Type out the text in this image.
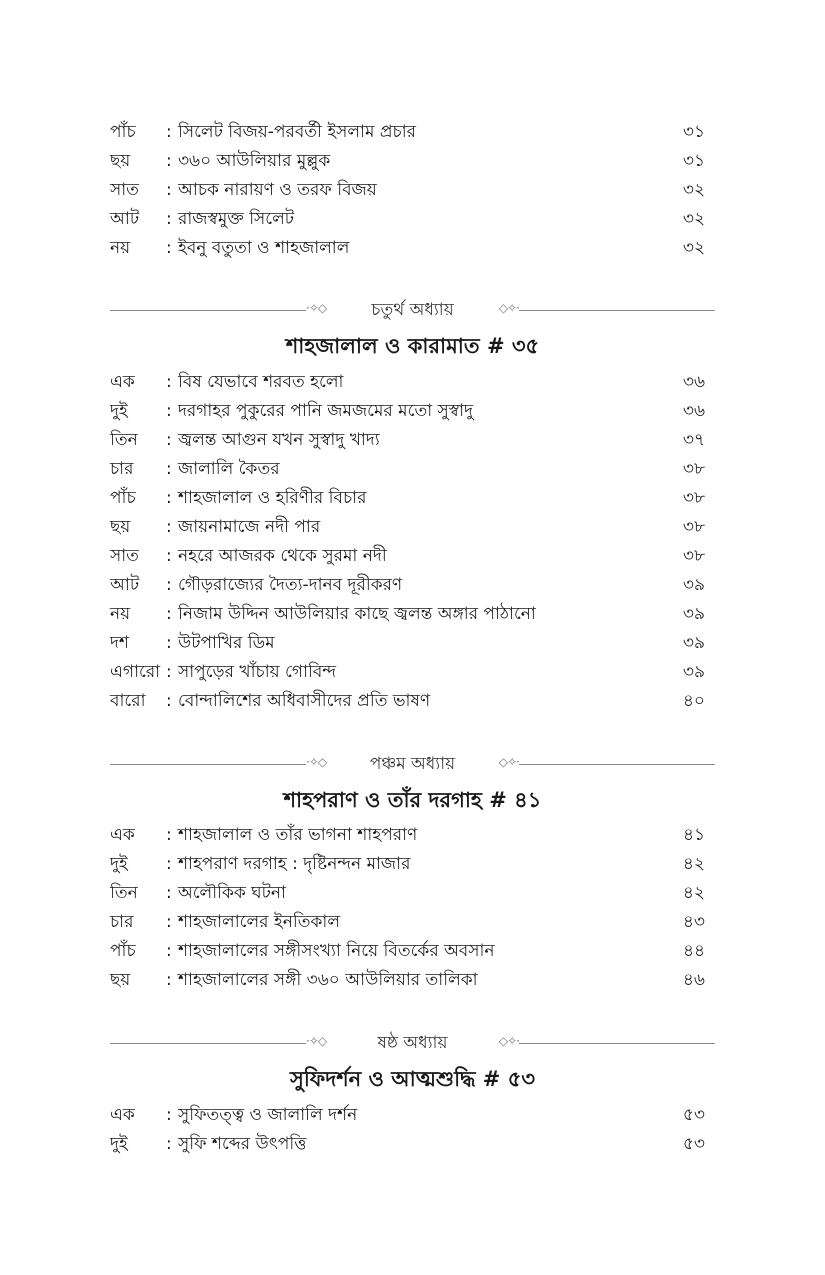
পাঁচ : সিলেট বিজয়-পরবর্তী ইসলাম প্রচার	৩১
ছয় : ৩৬০ আউলিয়ার মুল্লুক	৩১
সাত : আচক নারায়ণ ও তরফ বিজয়	৩২
আট : রাজস্বমুক্ত সিলেট	৩২
নয় : ইবনু বতুতা ও শাহজালাল	৩২
·✧◇	চতুর্থ অধ্যায়	◇✧·
শাহজালাল ও কারামাত # ৩৫
এক : বিষ যেভাবে শরবত হলো	৩৬
দুই : দরগাহর পুকুরের পানি জমজমের মতো সুস্বাদু	৩৬
তিন : জ্বলন্ত আগুন যখন সুস্বাদু খাদ্য	৩৭
চার : জালালি কৈতর	৩৮
পাঁচ : শাহজালাল ও হরিণীর বিচার	৩৮
ছয় : জায়নামাজে নদী পার	৩৮
সাত : নহরে আজরক থেকে সুরমা নদী	৩৮
আট : গৌড়রাজ্যের দৈত্য-দানব দূরীকরণ	৩৯
নয় : নিজাম উদ্দিন আউলিয়ার কাছে জ্বলন্ত অঙ্গার পাঠানো	৩৯
দশ : উটপাখির ডিম	৩৯
এগারো : সাপুড়ের খাঁচায় গোবিন্দ	৩৯
বারো : বোন্দালিশের অধিবাসীদের প্রতি ভাষণ	৪০
·✧◇	পঞ্চম অধ্যায়	◇✧·
শাহপরাণ ও তাঁর দরগাহ # ৪১
এক : শাহজালাল ও তাঁর ভাগনা শাহপরাণ	৪১
দুই : শাহপরাণ দরগাহ : দৃষ্টিনন্দন মাজার	৪২
তিন : অলৌকিক ঘটনা	৪২
চার : শাহজালালের ইনতিকাল	৪৩
পাঁচ : শাহজালালের সঙ্গীসংখ্যা নিয়ে বিতর্কের অবসান	৪৪
ছয় : শাহজালালের সঙ্গী ৩৬০ আউলিয়ার তালিকা	৪৬
·✧◇	ষষ্ঠ অধ্যায়	◇✧·
সুফিদর্শন ও আত্মশুদ্ধি # ৫৩
এক : সুফিতত্ত্ব ও জালালি দর্শন	৫৩
দুই : সুফি শব্দের উৎপত্তি	৫৩
